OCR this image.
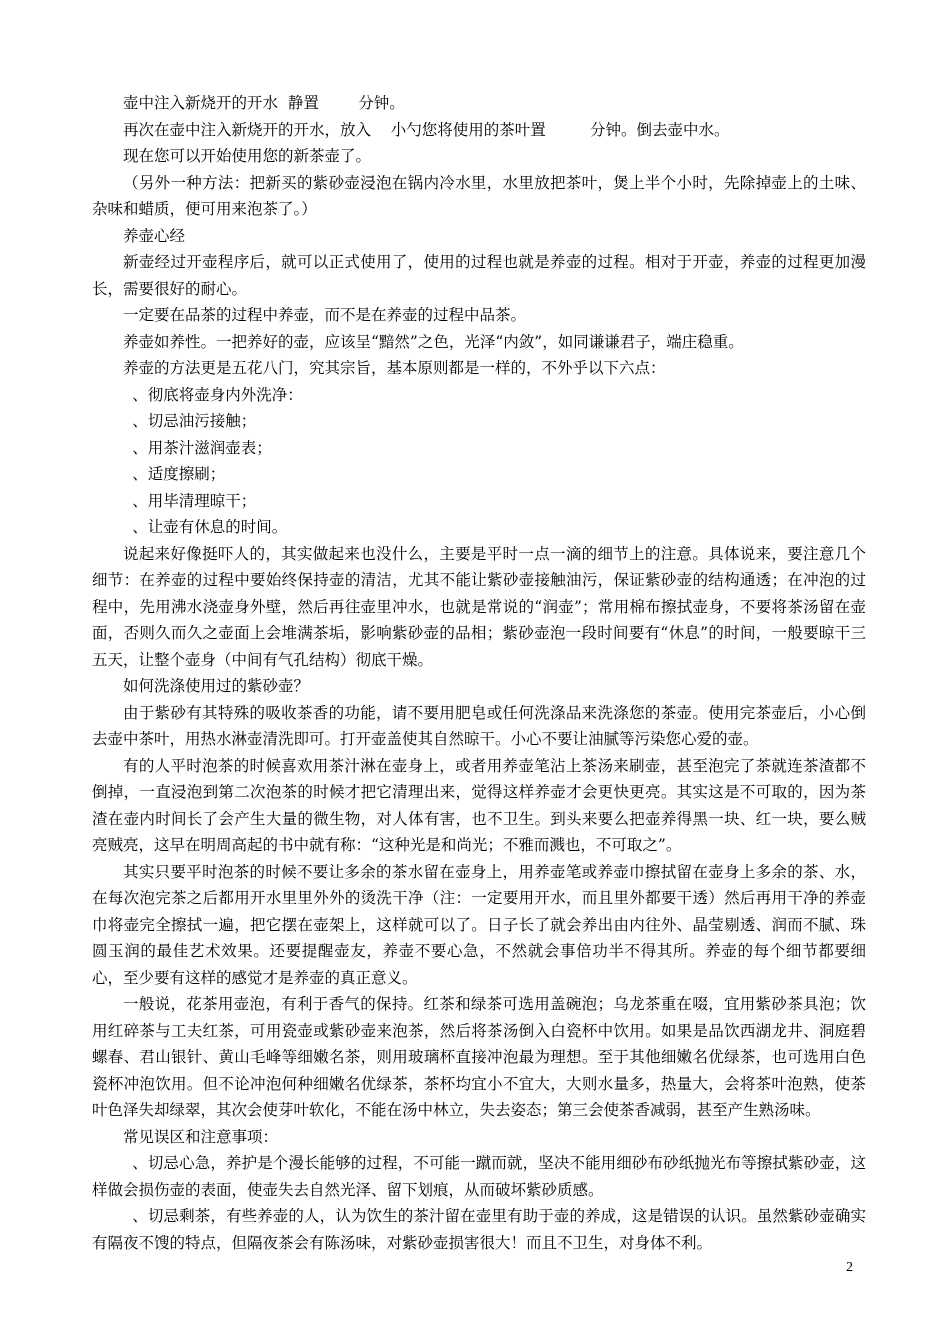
壶中注入新烧开的开水  静置        分钟。

再次在壶中注入新烧开的开水，放入    小勺您将使用的茶叶置         分钟。倒去壶中水。

现在您可以开始使用您的新茶壶了。

（另外一种方法：把新买的紫砂壶浸泡在锅内冷水里，水里放把茶叶，煲上半个小时，先除掉壶上的土味、杂味和蜡质，便可用来泡茶了。）

养壶心经

新壶经过开壶程序后，就可以正式使用了，使用的过程也就是养壶的过程。相对于开壶，养壶的过程更加漫长，需要很好的耐心。

一定要在品茶的过程中养壶，而不是在养壶的过程中品茶。

养壶如养性。一把养好的壶，应该呈“黯然”之色，光泽“内敛”，如同谦谦君子，端庄稳重。

养壶的方法更是五花八门，究其宗旨，基本原则都是一样的，不外乎以下六点：

、彻底将壶身内外洗净：

、切忌油污接触；

、用茶汁滋润壶表；

、适度擦刷；

、用毕清理晾干；

、让壶有休息的时间。

说起来好像挺吓人的，其实做起来也没什么，主要是平时一点一滴的细节上的注意。具体说来，要注意几个细节：在养壶的过程中要始终保持壶的清洁，尤其不能让紫砂壶接触油污，保证紫砂壶的结构通透；在冲泡的过程中，先用沸水浇壶身外壁，然后再往壶里冲水，也就是常说的“润壶”；常用棉布擦拭壶身，不要将茶汤留在壶面，否则久而久之壶面上会堆满茶垢，影响紫砂壶的品相；紫砂壶泡一段时间要有“休息”的时间，一般要晾干三五天，让整个壶身（中间有气孔结构）彻底干燥。

如何洗涤使用过的紫砂壶？

由于紫砂有其特殊的吸收茶香的功能，请不要用肥皂或任何洗涤品来洗涤您的茶壶。使用完茶壶后，小心倒去壶中茶叶，用热水淋壶清洗即可。打开壶盖使其自然晾干。小心不要让油腻等污染您心爱的壶。

有的人平时泡茶的时候喜欢用茶汁淋在壶身上，或者用养壶笔沾上茶汤来刷壶，甚至泡完了茶就连茶渣都不倒掉，一直浸泡到第二次泡茶的时候才把它清理出来，觉得这样养壶才会更快更亮。其实这是不可取的，因为茶渣在壶内时间长了会产生大量的微生物，对人体有害，也不卫生。到头来要么把壶养得黑一块、红一块，要么贼亮贼亮，这早在明周高起的书中就有称：“这种光是和尚光；不雅而溅也，不可取之”。

其实只要平时泡茶的时候不要让多余的茶水留在壶身上，用养壶笔或养壶巾擦拭留在壶身上多余的茶、水，在每次泡完茶之后都用开水里里外外的烫洗干净（注：一定要用开水，而且里外都要干透）然后再用干净的养壶巾将壶完全擦拭一遍，把它摆在壶架上，这样就可以了。日子长了就会养出由内往外、晶莹剔透、润而不腻、珠圆玉润的最佳艺术效果。还要提醒壶友，养壶不要心急，不然就会事倍功半不得其所。养壶的每个细节都要细心，至少要有这样的感觉才是养壶的真正意义。

一般说，花茶用壶泡，有利于香气的保持。红茶和绿茶可选用盖碗泡；乌龙茶重在啜，宜用紫砂茶具泡；饮用红碎茶与工夫红茶，可用瓷壶或紫砂壶来泡茶，然后将茶汤倒入白瓷杯中饮用。如果是品饮西湖龙井、洞庭碧螺春、君山银针、黄山毛峰等细嫩名茶，则用玻璃杯直接冲泡最为理想。至于其他细嫩名优绿茶，也可选用白色瓷杯冲泡饮用。但不论冲泡何种细嫩名优绿茶，茶杯均宜小不宜大，大则水量多，热量大，会将茶叶泡熟，使茶叶色泽失却绿翠，其次会使芽叶软化，不能在汤中林立，失去姿态；第三会使茶香减弱，甚至产生熟汤味。

常见误区和注意事项：

、切忌心急，养护是个漫长能够的过程，不可能一蹴而就，坚决不能用细砂布砂纸抛光布等擦拭紫砂壶，这样做会损伤壶的表面，使壶失去自然光泽、留下划痕，从而破坏紫砂质感。

、切忌剩茶，有些养壶的人，认为饮生的茶汁留在壶里有助于壶的养成，这是错误的认识。虽然紫砂壶确实有隔夜不馊的特点，但隔夜茶会有陈汤味，对紫砂壶损害很大！而且不卫生，对身体不利。

2
